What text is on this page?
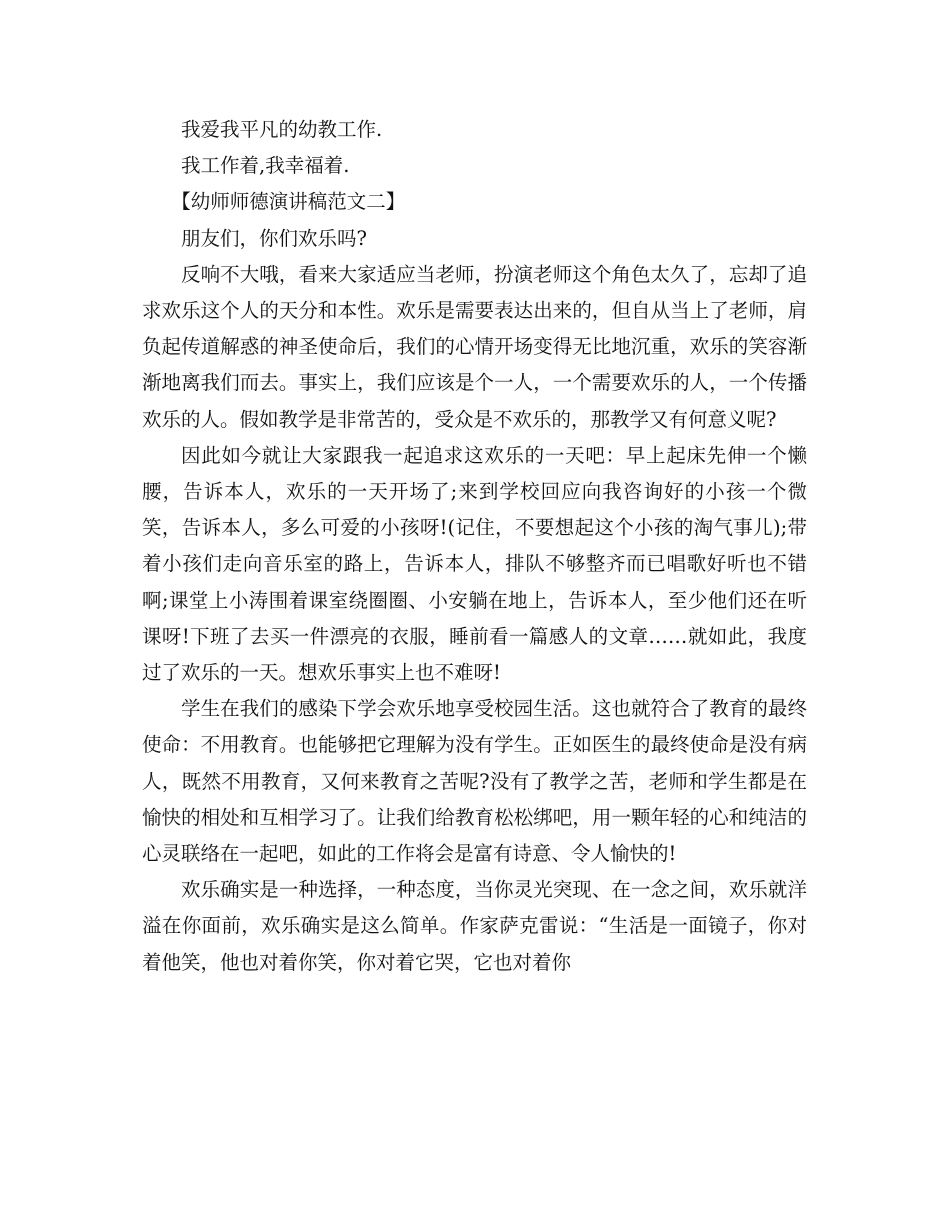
我爱我平凡的幼教工作.

我工作着,我幸福着.

【幼师师德演讲稿范文二】

朋友们，你们欢乐吗?

反响不大哦，看来大家适应当老师，扮演老师这个角色太久了，忘却了追求欢乐这个人的天分和本性。欢乐是需要表达出来的，但自从当上了老师，肩负起传道解惑的神圣使命后，我们的心情开场变得无比地沉重，欢乐的笑容渐渐地离我们而去。事实上，我们应该是个一人，一个需要欢乐的人，一个传播欢乐的人。假如教学是非常苦的，受众是不欢乐的，那教学又有何意义呢?

因此如今就让大家跟我一起追求这欢乐的一天吧：早上起床先伸一个懒腰，告诉本人，欢乐的一天开场了;来到学校回应向我咨询好的小孩一个微笑，告诉本人，多么可爱的小孩呀!(记住，不要想起这个小孩的淘气事儿);带着小孩们走向音乐室的路上，告诉本人，排队不够整齐而已唱歌好听也不错啊;课堂上小涛围着课室绕圈圈、小安躺在地上，告诉本人，至少他们还在听课呀!下班了去买一件漂亮的衣服，睡前看一篇感人的文章……就如此，我度过了欢乐的一天。想欢乐事实上也不难呀!

学生在我们的感染下学会欢乐地享受校园生活。这也就符合了教育的最终使命：不用教育。也能够把它理解为没有学生。正如医生的最终使命是没有病人，既然不用教育，又何来教育之苦呢?没有了教学之苦，老师和学生都是在愉快的相处和互相学习了。让我们给教育松松绑吧，用一颗年轻的心和纯洁的心灵联络在一起吧，如此的工作将会是富有诗意、令人愉快的!

欢乐确实是一种选择，一种态度，当你灵光突现、在一念之间，欢乐就洋溢在你面前，欢乐确实是这么简单。作家萨克雷说：“生活是一面镜子，你对着他笑，他也对着你笑，你对着它哭，它也对着你
